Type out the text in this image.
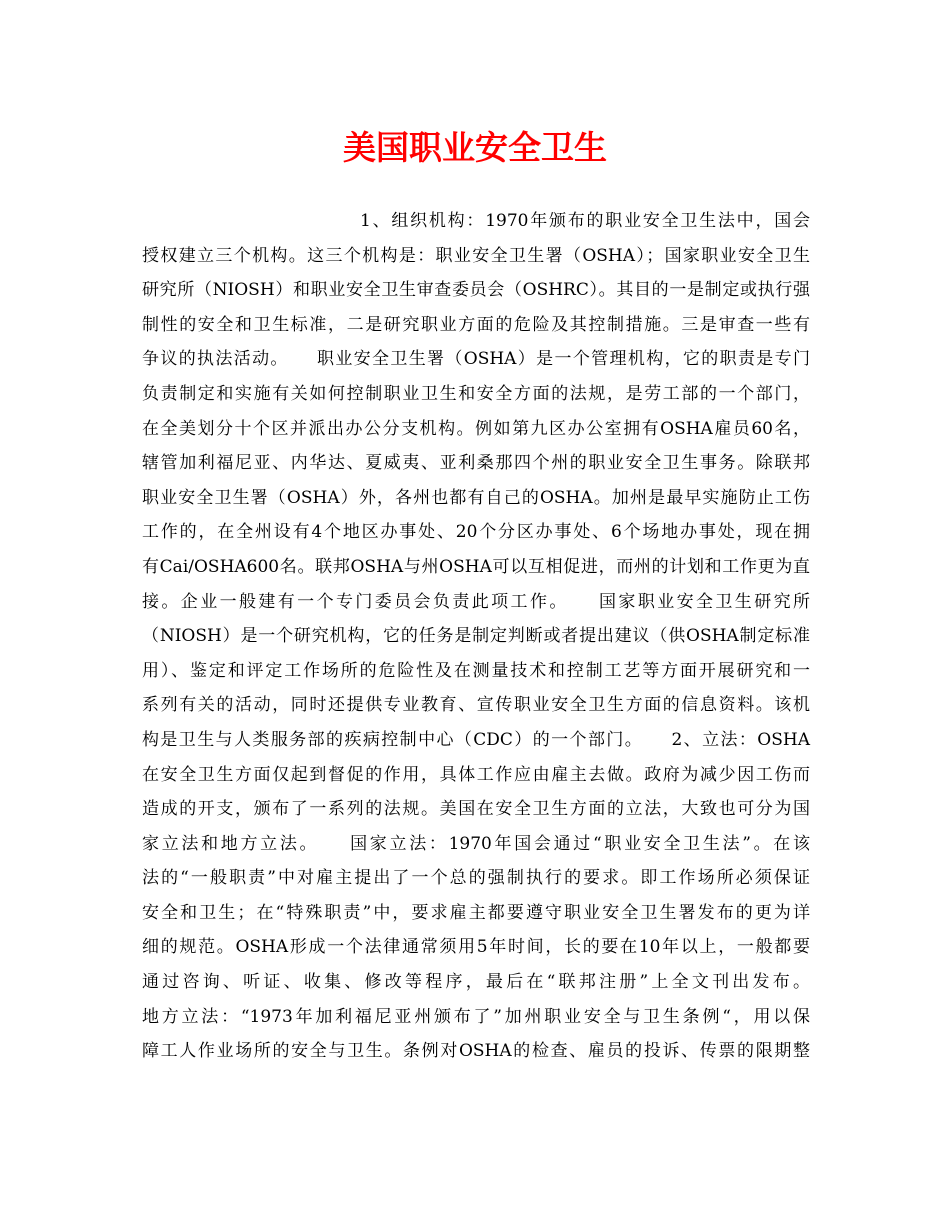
美国职业安全卫生
1、组织机构：1970年颁布的职业安全卫生法中，国会
授权建立三个机构。这三个机构是：职业安全卫生署（OSHA）；国家职业安全卫生
研究所（NIOSH）和职业安全卫生审查委员会（OSHRC）。其目的一是制定或执行强
制性的安全和卫生标准，二是研究职业方面的危险及其控制措施。三是审查一些有
争议的执法活动。　　职业安全卫生署（OSHA）是一个管理机构，它的职责是专门
负责制定和实施有关如何控制职业卫生和安全方面的法规，是劳工部的一个部门，
在全美划分十个区并派出办公分支机构。例如第九区办公室拥有OSHA雇员60名，
辖管加利福尼亚、内华达、夏威夷、亚利桑那四个州的职业安全卫生事务。除联邦
职业安全卫生署（OSHA）外，各州也都有自己的OSHA。加州是最早实施防止工伤
工作的，在全州设有4个地区办事处、20个分区办事处、6个场地办事处，现在拥
有Cai/OSHA600名。联邦OSHA与州OSHA可以互相促进，而州的计划和工作更为直
接。企业一般建有一个专门委员会负责此项工作。　　国家职业安全卫生研究所
（NIOSH）是一个研究机构，它的任务是制定判断或者提出建议（供OSHA制定标准
用）、鉴定和评定工作场所的危险性及在测量技术和控制工艺等方面开展研究和一
系列有关的活动，同时还提供专业教育、宣传职业安全卫生方面的信息资料。该机
构是卫生与人类服务部的疾病控制中心（CDC）的一个部门。　　2、立法：OSHA
在安全卫生方面仅起到督促的作用，具体工作应由雇主去做。政府为减少因工伤而
造成的开支，颁布了一系列的法规。美国在安全卫生方面的立法，大致也可分为国
家立法和地方立法。　　国家立法：1970年国会通过“职业安全卫生法”。在该
法的“一般职责”中对雇主提出了一个总的强制执行的要求。即工作场所必须保证
安全和卫生；在“特殊职责”中，要求雇主都要遵守职业安全卫生署发布的更为详
细的规范。OSHA形成一个法律通常须用5年时间，长的要在10年以上，一般都要
通过咨询、听证、收集、修改等程序，最后在“联邦注册”上全文刊出发布。
地方立法：“1973年加利福尼亚州颁布了”加州职业安全与卫生条例“，用以保
障工人作业场所的安全与卫生。条例对OSHA的检查、雇员的投诉、传票的限期整
